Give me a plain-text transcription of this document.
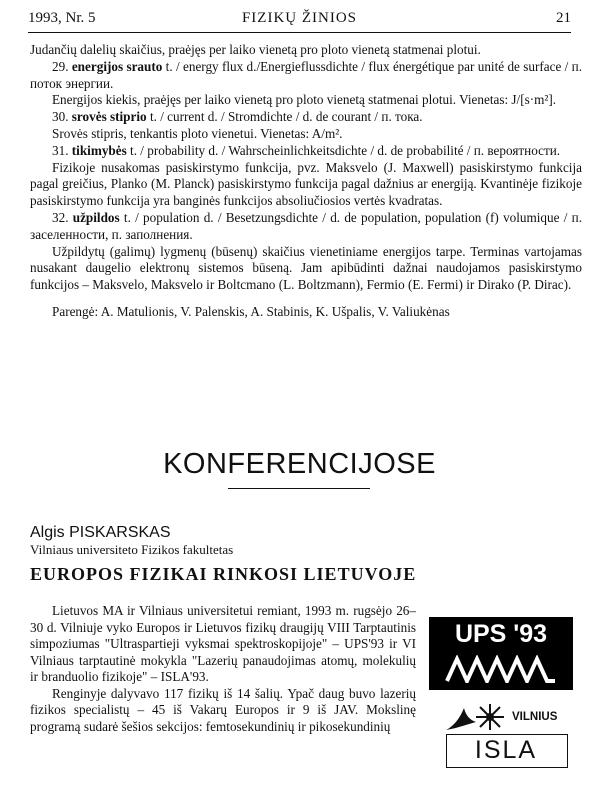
1993, Nr. 5	FIZIKŲ ŽINIOS	21

Judančių dalelių skaičius, praėjęs per laiko vienetą pro ploto vienetą statmenai plotui.

29. energijos srauto t. / energy flux d./Energieflussdichte / flux énergétique par unité de surface / п. поток энергии.

Energijos kiekis, praėjęs per laiko vienetą pro ploto vienetą statmenai plotui. Vienetas: J/[s·m²].

30. srovės stiprio t. / current d. / Stromdichte / d. de courant / п. тока.

Srovės stipris, tenkantis ploto vienetui. Vienetas: A/m².

31. tikimybės t. / probability d. / Wahrscheinlichkeitsdichte / d. de probabilité / п. вероятности.

Fizikoje nusakomas pasiskirstymo funkcija, pvz. Maksvelo (J. Maxwell) pasiskirstymo funkcija pagal greičius, Planko (M. Planck) pasiskirstymo funkcija pagal dažnius ar energiją. Kvantinėje fizikoje pasiskirstymo funkcija yra banginės funkcijos absoliučiosios vertės kvadratas.

32. užpildos t. / population d. / Besetzungsdichte / d. de population, population (f) volumique / п. заселенности, п. заполнения.

Užpildytų (galimų) lygmenų (būsenų) skaičius vienetiniame energijos tarpe. Terminas vartojamas nusakant daugelio elektronų sistemos būseną. Jam apibūdinti dažnai naudojamos pasiskirstymo funkcijos – Maksvelo, Maksvelo ir Boltcmano (L. Boltzmann), Fermio (E. Fermi) ir Dirako (P. Dirac).

Parengė: A. Matulionis, V. Palenskis, A. Stabinis, K. Ušpalis, V. Valiukėnas

KONFERENCIJOSE
Algis PISKARSKAS
Vilniaus universiteto Fizikos fakultetas
EUROPOS FIZIKAI RINKOSI LIETUVOJE

Lietuvos MA ir Vilniaus universitetui remiant, 1993 m. rugsėjo 26–30 d. Vilniuje vyko Europos ir Lietuvos fizikų draugijų VIII Tarptautinis simpoziumas "Ultraspartieji vyksmai spektroskopijoje" – UPS'93 ir VI Vilniaus tarptautinė mokykla "Lazerių panaudojimas atomų, molekulių ir branduolio fizikoje" – ISLA'93.

Renginyje dalyvavo 117 fizikų iš 14 šalių. Ypač daug buvo lazerių fizikos specialistų – 45 iš Vakarų Europos ir 9 iš JAV. Mokslinę programą sudarė šešios sekcijos: femtosekundinių ir pikosekundinių

UPS '93
VILNIUS
ISLA
